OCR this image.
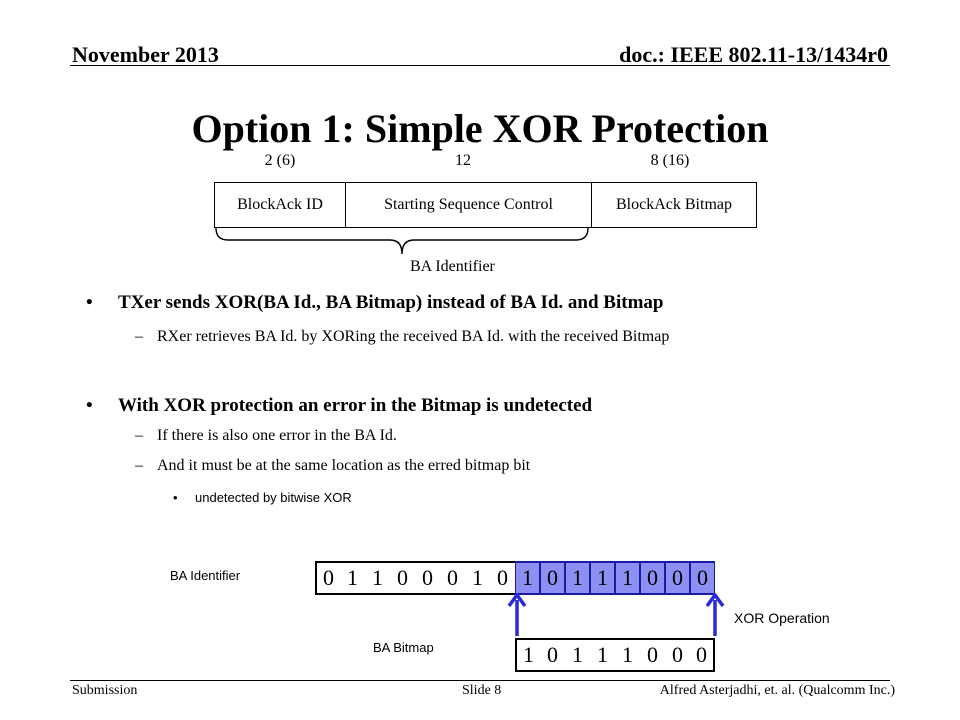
November 2013	doc.: IEEE 802.11-13/1434r0
Option 1: Simple XOR Protection
2 (6)	12	8 (16)
BlockAck ID	Starting Sequence Control	BlockAck Bitmap
BA Identifier
• TXer sends XOR(BA Id., BA Bitmap) instead of BA Id. and Bitmap
– RXer retrieves BA Id. by XORing the received BA Id. with the received Bitmap
• With XOR protection an error in the Bitmap is undetected
– If there is also one error in the BA Id.
– And it must be at the same location as the erred bitmap bit
• undetected by bitwise XOR
BA Identifier	0 1 1 0 0 0 1 0 1 0 1 1 1 0 0 0
XOR Operation
BA Bitmap	1 0 1 1 1 0 0 0
Submission	Slide 8	Alfred Asterjadhi, et. al. (Qualcomm Inc.)
